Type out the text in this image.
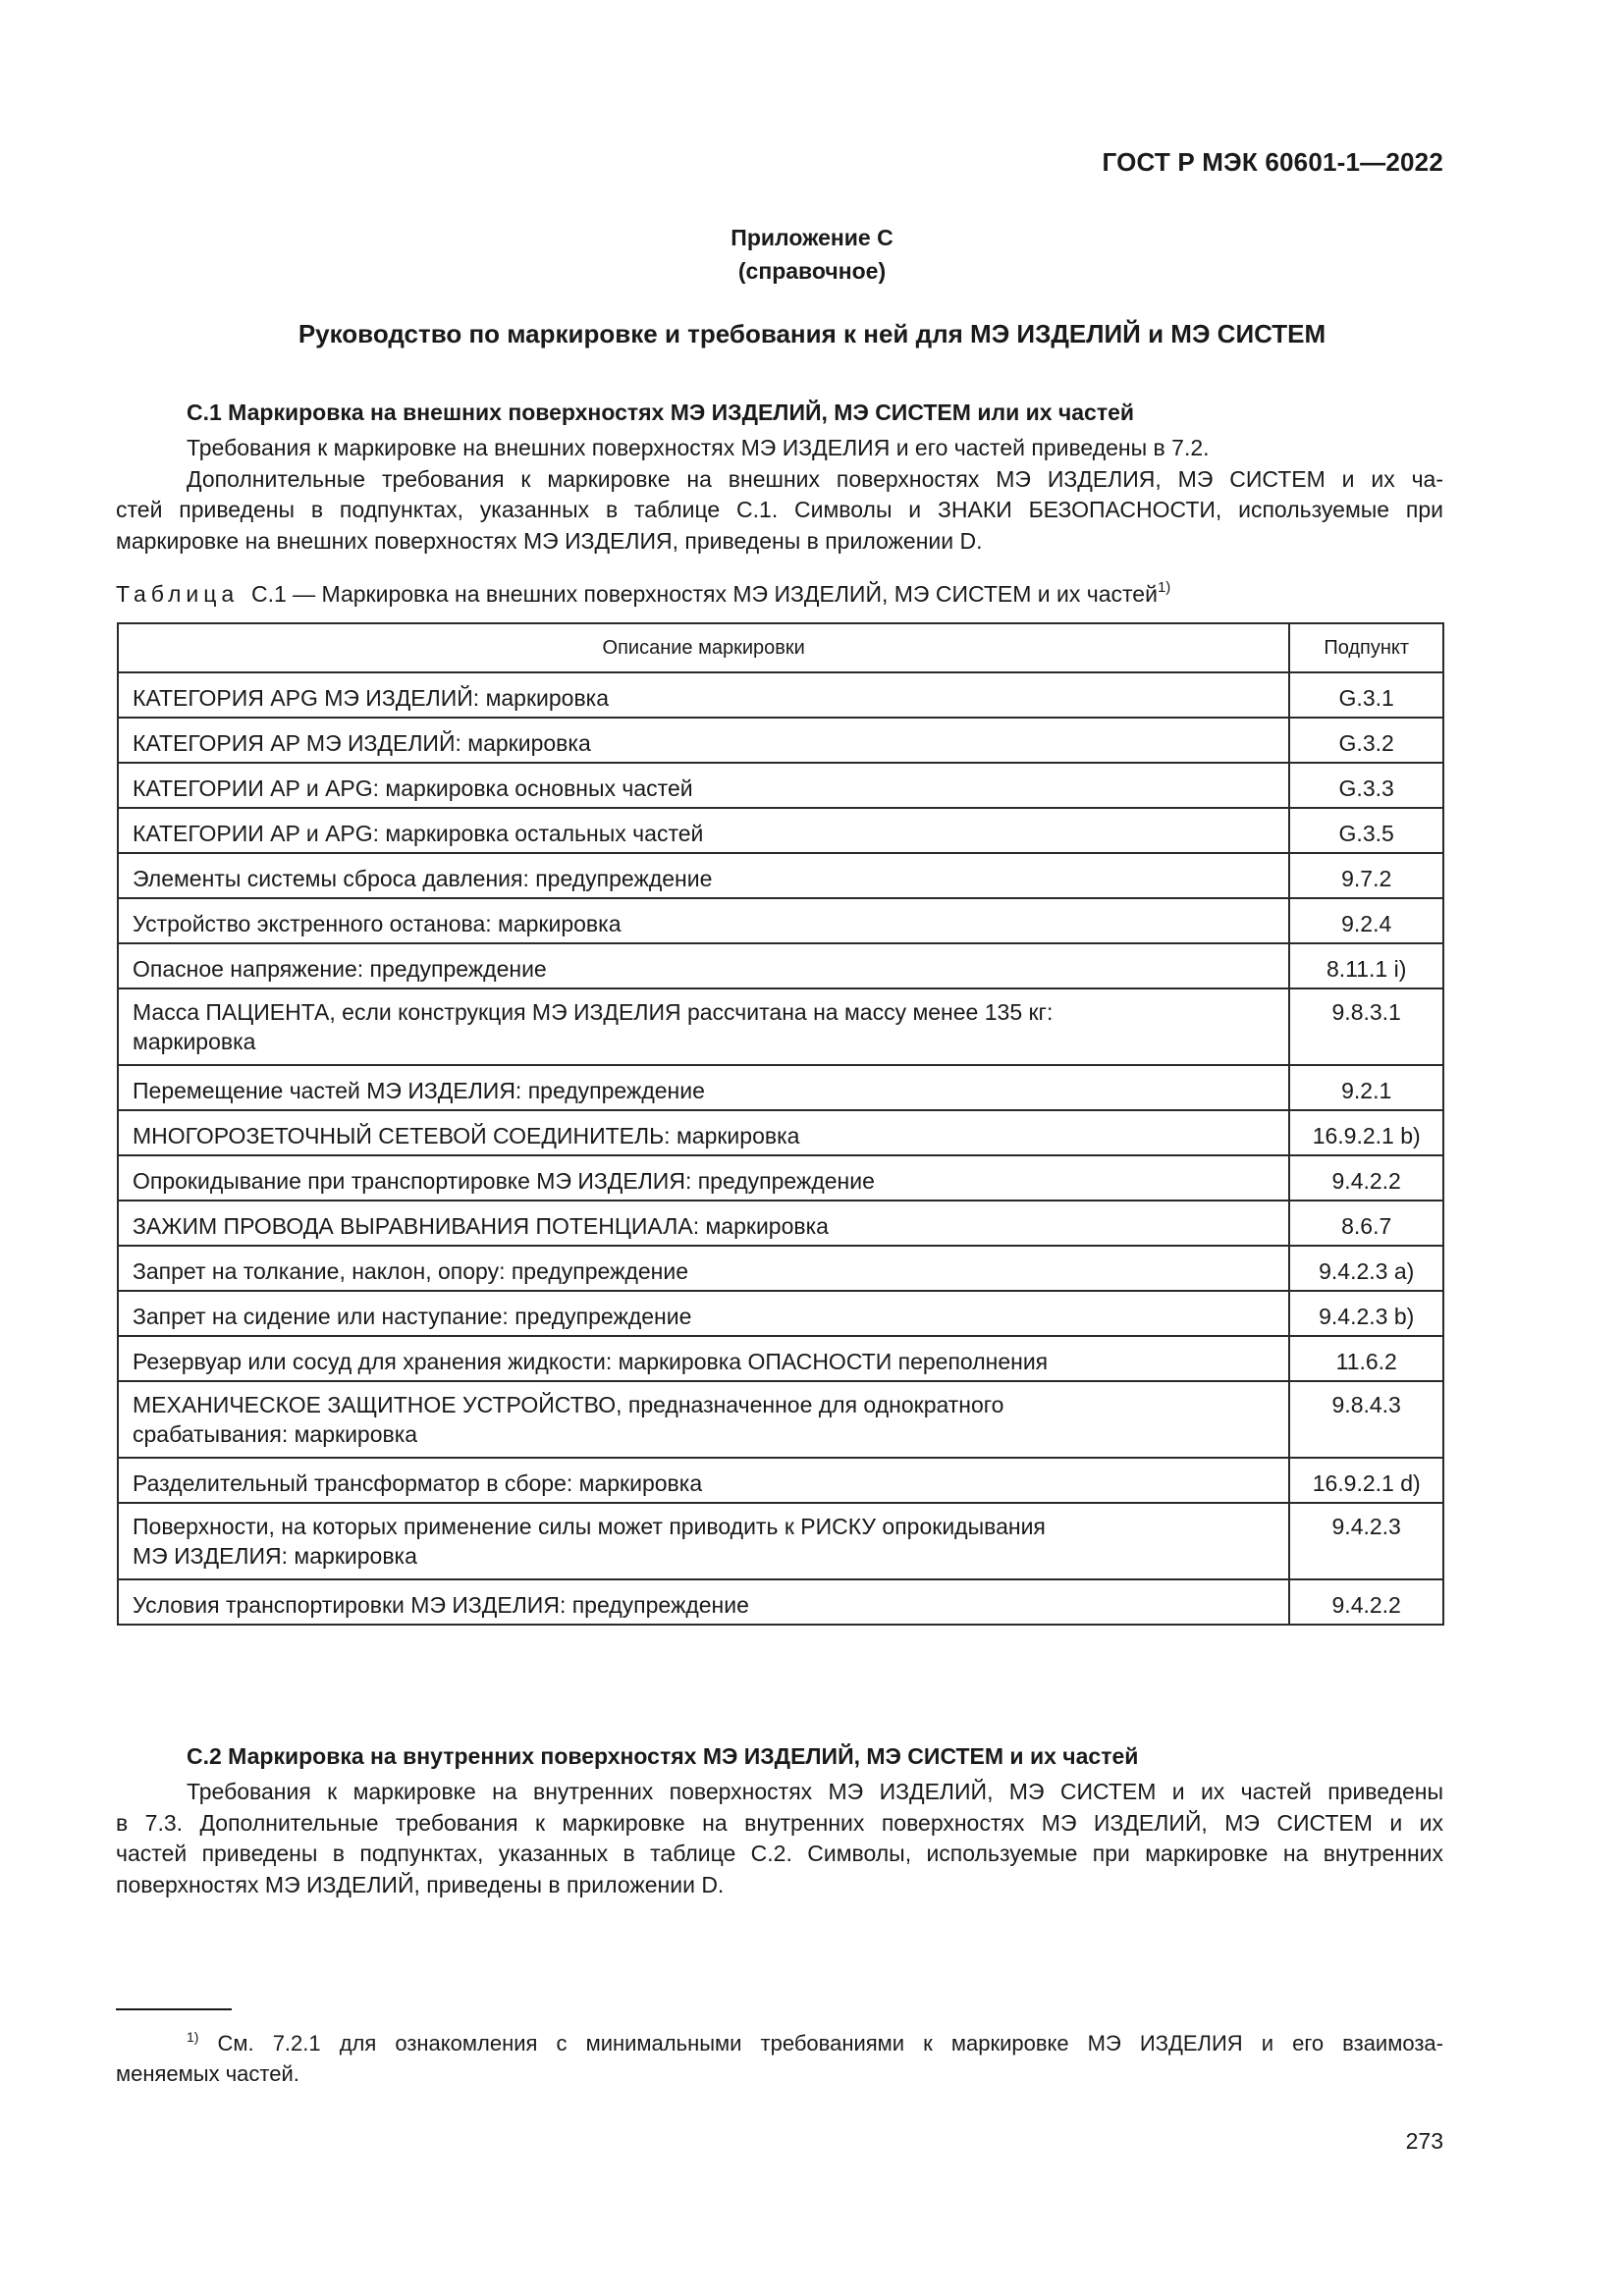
ГОСТ Р МЭК 60601-1—2022
Приложение C
(справочное)
Руководство по маркировке и требования к ней для МЭ ИЗДЕЛИЙ и МЭ СИСТЕМ
C.1 Маркировка на внешних поверхностях МЭ ИЗДЕЛИЙ, МЭ СИСТЕМ или их частей
Требования к маркировке на внешних поверхностях МЭ ИЗДЕЛИЯ и его частей приведены в 7.2.
Дополнительные требования к маркировке на внешних поверхностях МЭ ИЗДЕЛИЯ, МЭ СИСТЕМ и их ча-
стей приведены в подпунктах, указанных в таблице C.1. Символы и ЗНАКИ БЕЗОПАСНОСТИ, используемые при
маркировке на внешних поверхностях МЭ ИЗДЕЛИЯ, приведены в приложении D.
Таблица C.1 — Маркировка на внешних поверхностях МЭ ИЗДЕЛИЙ, МЭ СИСТЕМ и их частей$^{1)}$
Описание маркировки	Подпункт
КАТЕГОРИЯ APG МЭ ИЗДЕЛИЙ: маркировка	G.3.1
КАТЕГОРИЯ AP МЭ ИЗДЕЛИЙ: маркировка	G.3.2
КАТЕГОРИИ AP и APG: маркировка основных частей	G.3.3
КАТЕГОРИИ AP и APG: маркировка остальных частей	G.3.5
Элементы системы сброса давления: предупреждение	9.7.2
Устройство экстренного останова: маркировка	9.2.4
Опасное напряжение: предупреждение	8.11.1 i)

Масса ПАЦИЕНТА, если конструкция МЭ ИЗДЕЛИЯ рассчитана на массу менее 135 кг:
маркировка	9.8.3.1
Перемещение частей МЭ ИЗДЕЛИЯ: предупреждение	9.2.1
МНОГОРОЗЕТОЧНЫЙ СЕТЕВОЙ СОЕДИНИТЕЛЬ: маркировка	16.9.2.1 b)
Опрокидывание при транспортировке МЭ ИЗДЕЛИЯ: предупреждение	9.4.2.2
ЗАЖИМ ПРОВОДА ВЫРАВНИВАНИЯ ПОТЕНЦИАЛА: маркировка	8.6.7
Запрет на толкание, наклон, опору: предупреждение	9.4.2.3 a)
Запрет на сидение или наступание: предупреждение	9.4.2.3 b)
Резервуар или сосуд для хранения жидкости: маркировка ОПАСНОСТИ переполнения	11.6.2

МЕХАНИЧЕСКОЕ ЗАЩИТНОЕ УСТРОЙСТВО, предназначенное для однократного
срабатывания: маркировка	9.8.4.3
Разделительный трансформатор в сборе: маркировка	16.9.2.1 d)

Поверхности, на которых применение силы может приводить к РИСКУ опрокидывания
МЭ ИЗДЕЛИЯ: маркировка	9.4.2.3
Условия транспортировки МЭ ИЗДЕЛИЯ: предупреждение	9.4.2.2
C.2 Маркировка на внутренних поверхностях МЭ ИЗДЕЛИЙ, МЭ СИСТЕМ и их частей
Требования к маркировке на внутренних поверхностях МЭ ИЗДЕЛИЙ, МЭ СИСТЕМ и их частей приведены
в 7.3. Дополнительные требования к маркировке на внутренних поверхностях МЭ ИЗДЕЛИЙ, МЭ СИСТЕМ и их
частей приведены в подпунктах, указанных в таблице C.2. Символы, используемые при маркировке на внутренних
поверхностях МЭ ИЗДЕЛИЙ, приведены в приложении D.
$^{1)}$ См. 7.2.1 для ознакомления с минимальными требованиями к маркировке МЭ ИЗДЕЛИЯ и его взаимоза-
меняемых частей.
273
